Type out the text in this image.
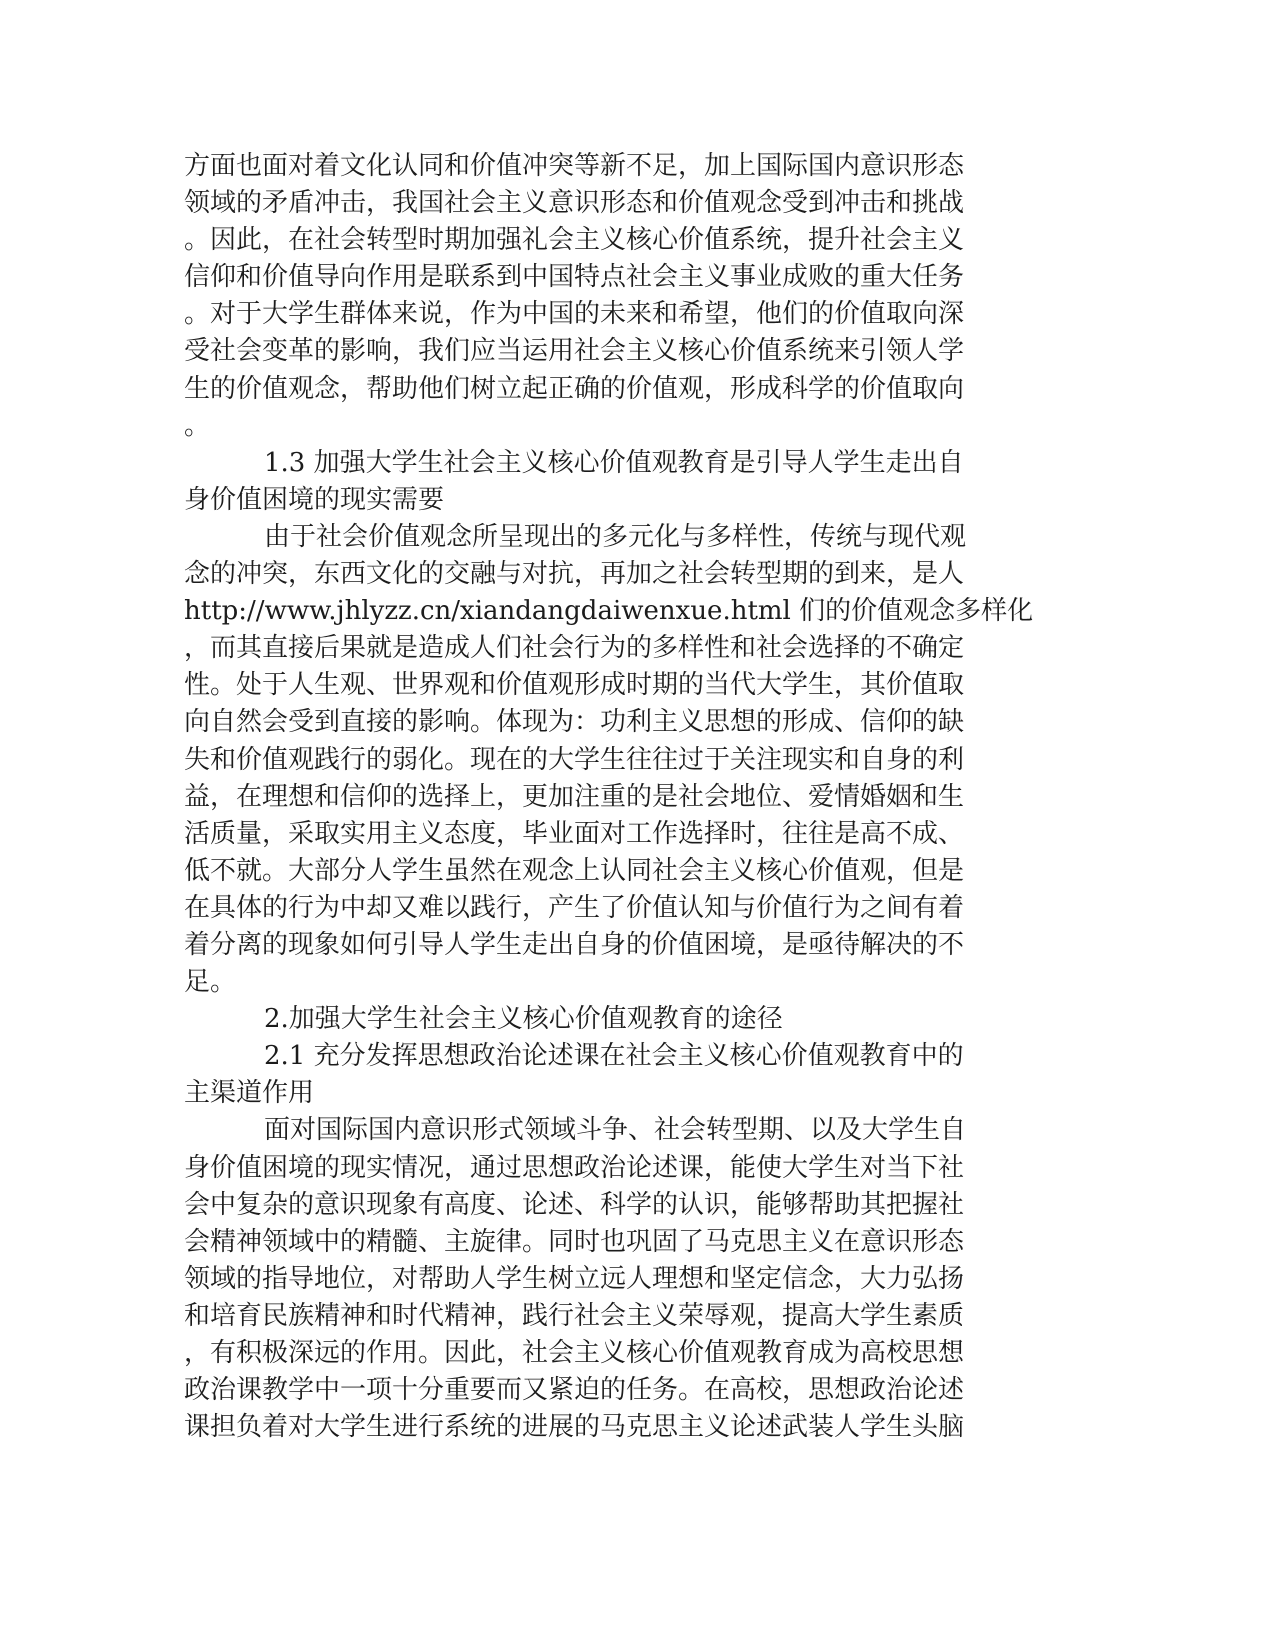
方面也面对着文化认同和价值冲突等新不足，加上国际国内意识形态
领域的矛盾冲击，我国社会主义意识形态和价值观念受到冲击和挑战
。因此，在社会转型时期加强礼会主义核心价值系统，提升社会主义
信仰和价值导向作用是联系到中国特点社会主义事业成败的重大任务
。对于大学生群体来说，作为中国的未来和希望，他们的价值取向深
受社会变革的影响，我们应当运用社会主义核心价值系统来引领人学
生的价值观念，帮助他们树立起正确的价值观，形成科学的价值取向
。
1.3 加强大学生社会主义核心价值观教育是引导人学生走出自
身价值困境的现实需要
由于社会价值观念所呈现出的多元化与多样性，传统与现代观
念的冲突，东西文化的交融与对抗，再加之社会转型期的到来，是人
http://www.jhlyzz.cn/xiandangdaiwenxue.html 们的价值观念多样化
，而其直接后果就是造成人们社会行为的多样性和社会选择的不确定
性。处于人生观、世界观和价值观形成时期的当代大学生，其价值取
向自然会受到直接的影响。体现为：功利主义思想的形成、信仰的缺
失和价值观践行的弱化。现在的大学生往往过于关注现实和自身的利
益，在理想和信仰的选择上，更加注重的是社会地位、爱情婚姻和生
活质量，采取实用主义态度，毕业面对工作选择时，往往是高不成、
低不就。大部分人学生虽然在观念上认同社会主义核心价值观，但是
在具体的行为中却又难以践行，产生了价值认知与价值行为之间有着
着分离的现象如何引导人学生走出自身的价值困境，是亟待解决的不
足。
2.加强大学生社会主义核心价值观教育的途径
2.1 充分发挥思想政治论述课在社会主义核心价值观教育中的
主渠道作用
面对国际国内意识形式领域斗争、社会转型期、以及大学生自
身价值困境的现实情况，通过思想政治论述课，能使大学生对当下社
会中复杂的意识现象有高度、论述、科学的认识，能够帮助其把握社
会精神领域中的精髓、主旋律。同时也巩固了马克思主义在意识形态
领域的指导地位，对帮助人学生树立远人理想和坚定信念，大力弘扬
和培育民族精神和时代精神，践行社会主义荣辱观，提高大学生素质
，有积极深远的作用。因此，社会主义核心价值观教育成为高校思想
政治课教学中一项十分重要而又紧迫的任务。在高校，思想政治论述
课担负着对大学生进行系统的进展的马克思主义论述武装人学生头脑
